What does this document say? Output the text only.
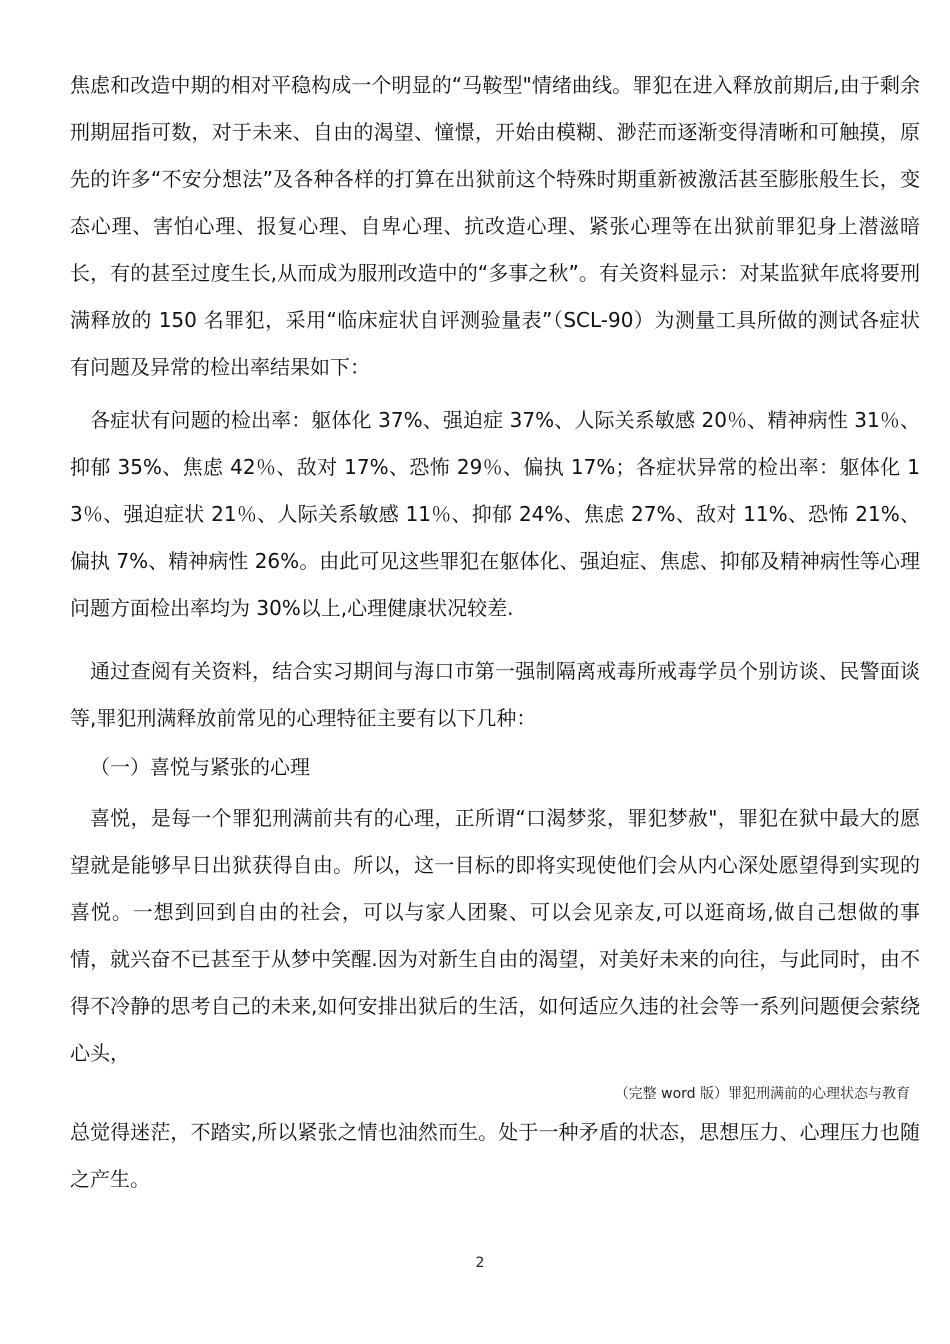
焦虑和改造中期的相对平稳构成一个明显的“马鞍型"情绪曲线。罪犯在进入释放前期后,由于剩余刑期屈指可数，对于未来、自由的渴望、憧憬，开始由模糊、渺茫而逐渐变得清晰和可触摸，原先的许多“不安分想法”及各种各样的打算在出狱前这个特殊时期重新被激活甚至膨胀般生长，变态心理、害怕心理、报复心理、自卑心理、抗改造心理、紧张心理等在出狱前罪犯身上潜滋暗长，有的甚至过度生长,从而成为服刑改造中的“多事之秋”。有关资料显示：对某监狱年底将要刑满释放的 150 名罪犯，采用“临床症状自评测验量表”（SCL-90）为测量工具所做的测试各症状有问题及异常的检出率结果如下：

各症状有问题的检出率：躯体化 37%、强迫症 37%、人际关系敏感 20％、精神病性 31％、抑郁 35%、焦虑 42％、敌对 17%、恐怖 29％、偏执 17%；各症状异常的检出率：躯体化 13％、强迫症状 21％、人际关系敏感 11％、抑郁 24%、焦虑 27%、敌对 11%、恐怖 21%、偏执 7%、精神病性 26%。由此可见这些罪犯在躯体化、强迫症、焦虑、抑郁及精神病性等心理问题方面检出率均为 30%以上,心理健康状况较差.

通过查阅有关资料，结合实习期间与海口市第一强制隔离戒毒所戒毒学员个别访谈、民警面谈等,罪犯刑满释放前常见的心理特征主要有以下几种：

（一）喜悦与紧张的心理

喜悦，是每一个罪犯刑满前共有的心理，正所谓“口渴梦浆，罪犯梦赦"，罪犯在狱中最大的愿望就是能够早日出狱获得自由。所以，这一目标的即将实现使他们会从内心深处愿望得到实现的喜悦。一想到回到自由的社会，可以与家人团聚、可以会见亲友,可以逛商场,做自己想做的事情，就兴奋不已甚至于从梦中笑醒.因为对新生自由的渴望，对美好未来的向往，与此同时，由不得不冷静的思考自己的未来,如何安排出狱后的生活，如何适应久违的社会等一系列问题便会萦绕心头，

（完整 word 版）罪犯刑满前的心理状态与教育

总觉得迷茫，不踏实,所以紧张之情也油然而生。处于一种矛盾的状态，思想压力、心理压力也随之产生。

2
